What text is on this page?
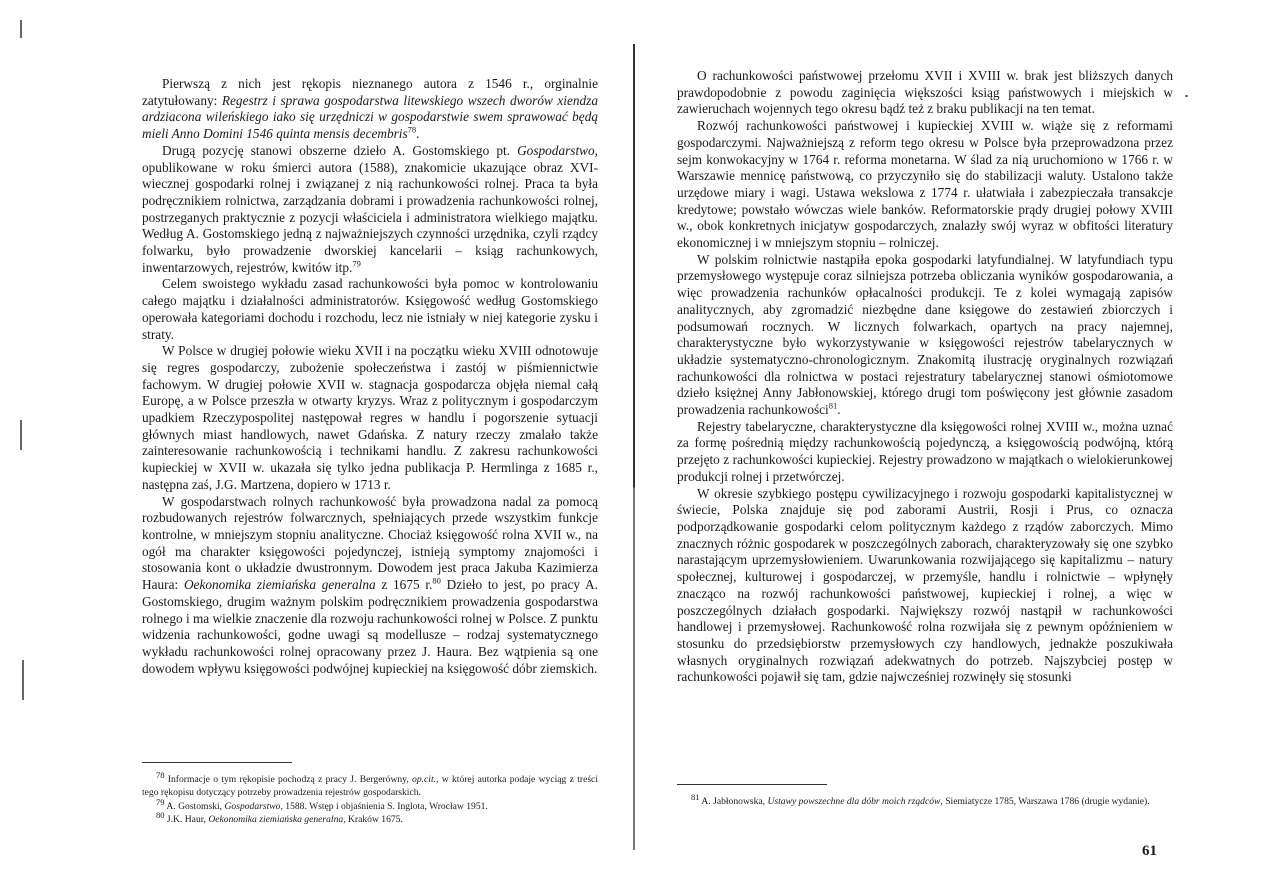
Pierwszą z nich jest rękopis nieznanego autora z 1546 r., orginalnie zatytułowany: Regestrz i sprawa gospodarstwa litewskiego wszech dworów xiendza ardziacona wileńskiego iako się urzędniczi w gospodarstwie swem sprawować będą mieli Anno Domini 1546 quinta mensis decembris$^{78}$.

Drugą pozycję stanowi obszerne dzieło A. Gostomskiego pt. Gospodarstwo, opublikowane w roku śmierci autora (1588), znakomicie ukazujące obraz XVI-wiecznej gospodarki rolnej i związanej z nią rachunkowości rolnej. Praca ta była podręcznikiem rolnictwa, zarządzania dobrami i prowadzenia rachunkowości rolnej, postrzeganych praktycznie z pozycji właściciela i administratora wielkiego majątku. Według A. Gostomskiego jedną z najważniejszych czynności urzędnika, czyli rządcy folwarku, było prowadzenie dworskiej kancelarii – ksiąg rachunkowych, inwentarzowych, rejestrów, kwitów itp.$^{79}$

Celem swoistego wykładu zasad rachunkowości była pomoc w kontrolowaniu całego majątku i działalności administratorów. Księgowość według Gostomskiego operowała kategoriami dochodu i rozchodu, lecz nie istniały w niej kategorie zysku i straty.

W Polsce w drugiej połowie wieku XVII i na początku wieku XVIII odnotowuje się regres gospodarczy, zubożenie społeczeństwa i zastój w piśmiennictwie fachowym. W drugiej połowie XVII w. stagnacja gospodarcza objęła niemal całą Europę, a w Polsce przeszła w otwarty kryzys. Wraz z politycznym i gospodarczym upadkiem Rzeczypospolitej następował regres w handlu i pogorszenie sytuacji głównych miast handlowych, nawet Gdańska. Z natury rzeczy zmalało także zainteresowanie rachunkowością i technikami handlu. Z zakresu rachunkowości kupieckiej w XVII w. ukazała się tylko jedna publikacja P. Hermlinga z 1685 r., następna zaś, J.G. Martzena, dopiero w 1713 r.

W gospodarstwach rolnych rachunkowość była prowadzona nadal za pomocą rozbudowanych rejestrów folwarcznych, spełniających przede wszystkim funkcje kontrolne, w mniejszym stopniu analityczne. Chociaż księgowość rolna XVII w., na ogół ma charakter księgowości pojedynczej, istnieją symptomy znajomości i stosowania kont o układzie dwustronnym. Dowodem jest praca Jakuba Kazimierza Haura: Oekonomika ziemiańska generalna z 1675 r.$^{80}$ Dzieło to jest, po pracy A. Gostomskiego, drugim ważnym polskim podręcznikiem prowadzenia gospodarstwa rolnego i ma wielkie znaczenie dla rozwoju rachunkowości rolnej w Polsce. Z punktu widzenia rachunkowości, godne uwagi są modellusze – rodzaj systematycznego wykładu rachunkowości rolnej opracowany przez J. Haura. Bez wątpienia są one dowodem wpływu księgowości podwójnej kupieckiej na księgowość dóbr ziemskich.

$^{78}$ Informacje o tym rękopisie pochodzą z pracy J. Bergerówny, op.cit., w której autorka podaje wyciąg z treści tego rękopisu dotyczący potrzeby prowadzenia rejestrów gospodarskich.

$^{79}$ A. Gostomski, Gospodarstwo, 1588. Wstęp i objaśnienia S. Inglota, Wrocław 1951.

$^{80}$ J.K. Haur, Oekonomika ziemiańska generalna, Kraków 1675.

O rachunkowości państwowej przełomu XVII i XVIII w. brak jest bliższych danych prawdopodobnie z powodu zaginięcia większości ksiąg państwowych i miejskich w zawieruchach wojennych tego okresu bądź też z braku publikacji na ten temat.

Rozwój rachunkowości państwowej i kupieckiej XVIII w. wiąże się z reformami gospodarczymi. Najważniejszą z reform tego okresu w Polsce była przeprowadzona przez sejm konwokacyjny w 1764 r. reforma monetarna. W ślad za nią uruchomiono w 1766 r. w Warszawie mennicę państwową, co przyczyniło się do stabilizacji waluty. Ustalono także urzędowe miary i wagi. Ustawa wekslowa z 1774 r. ułatwiała i zabezpieczała transakcje kredytowe; powstało wówczas wiele banków. Reformatorskie prądy drugiej połowy XVIII w., obok konkretnych inicjatyw gospodarczych, znalazły swój wyraz w obfitości literatury ekonomicznej i w mniejszym stopniu – rolniczej.

W polskim rolnictwie nastąpiła epoka gospodarki latyfundialnej. W latyfundiach typu przemysłowego występuje coraz silniejsza potrzeba obliczania wyników gospodarowania, a więc prowadzenia rachunków opłacalności produkcji. Te z kolei wymagają zapisów analitycznych, aby zgromadzić niezbędne dane księgowe do zestawień zbiorczych i podsumowań rocznych. W licznych folwarkach, opartych na pracy najemnej, charakterystyczne było wykorzystywanie w księgowości rejestrów tabelarycznych w układzie systematyczno-chronologicznym. Znakomitą ilustrację oryginalnych rozwiązań rachunkowości dla rolnictwa w postaci rejestratury tabelarycznej stanowi ośmiotomowe dzieło księżnej Anny Jabłonowskiej, którego drugi tom poświęcony jest głównie zasadom prowadzenia rachunkowości$^{81}$.

Rejestry tabelaryczne, charakterystyczne dla księgowości rolnej XVIII w., można uznać za formę pośrednią między rachunkowością pojedynczą, a księgowością podwójną, którą przejęto z rachunkowości kupieckiej. Rejestry prowadzono w majątkach o wielokierunkowej produkcji rolnej i przetwórczej.

W okresie szybkiego postępu cywilizacyjnego i rozwoju gospodarki kapitalistycznej w świecie, Polska znajduje się pod zaborami Austrii, Rosji i Prus, co oznacza podporządkowanie gospodarki celom politycznym każdego z rządów zaborczych. Mimo znacznych różnic gospodarek w poszczególnych zaborach, charakteryzowały się one szybko narastającym uprzemysłowieniem. Uwarunkowania rozwijającego się kapitalizmu – natury społecznej, kulturowej i gospodarczej, w przemyśle, handlu i rolnictwie – wpłynęły znacząco na rozwój rachunkowości państwowej, kupieckiej i rolnej, a więc w poszczególnych działach gospodarki. Największy rozwój nastąpił w rachunkowości handlowej i przemysłowej. Rachunkowość rolna rozwijała się z pewnym opóźnieniem w stosunku do przedsiębiorstw przemysłowych czy handlowych, jednakże poszukiwała własnych oryginalnych rozwiązań adekwatnych do potrzeb. Najszybciej postęp w rachunkowości pojawił się tam, gdzie najwcześniej rozwinęły się stosunki

$^{81}$ A. Jabłonowska, Ustawy powszechne dla dóbr moich rządców, Siemiatycze 1785, Warszawa 1786 (drugie wydanie).

61
